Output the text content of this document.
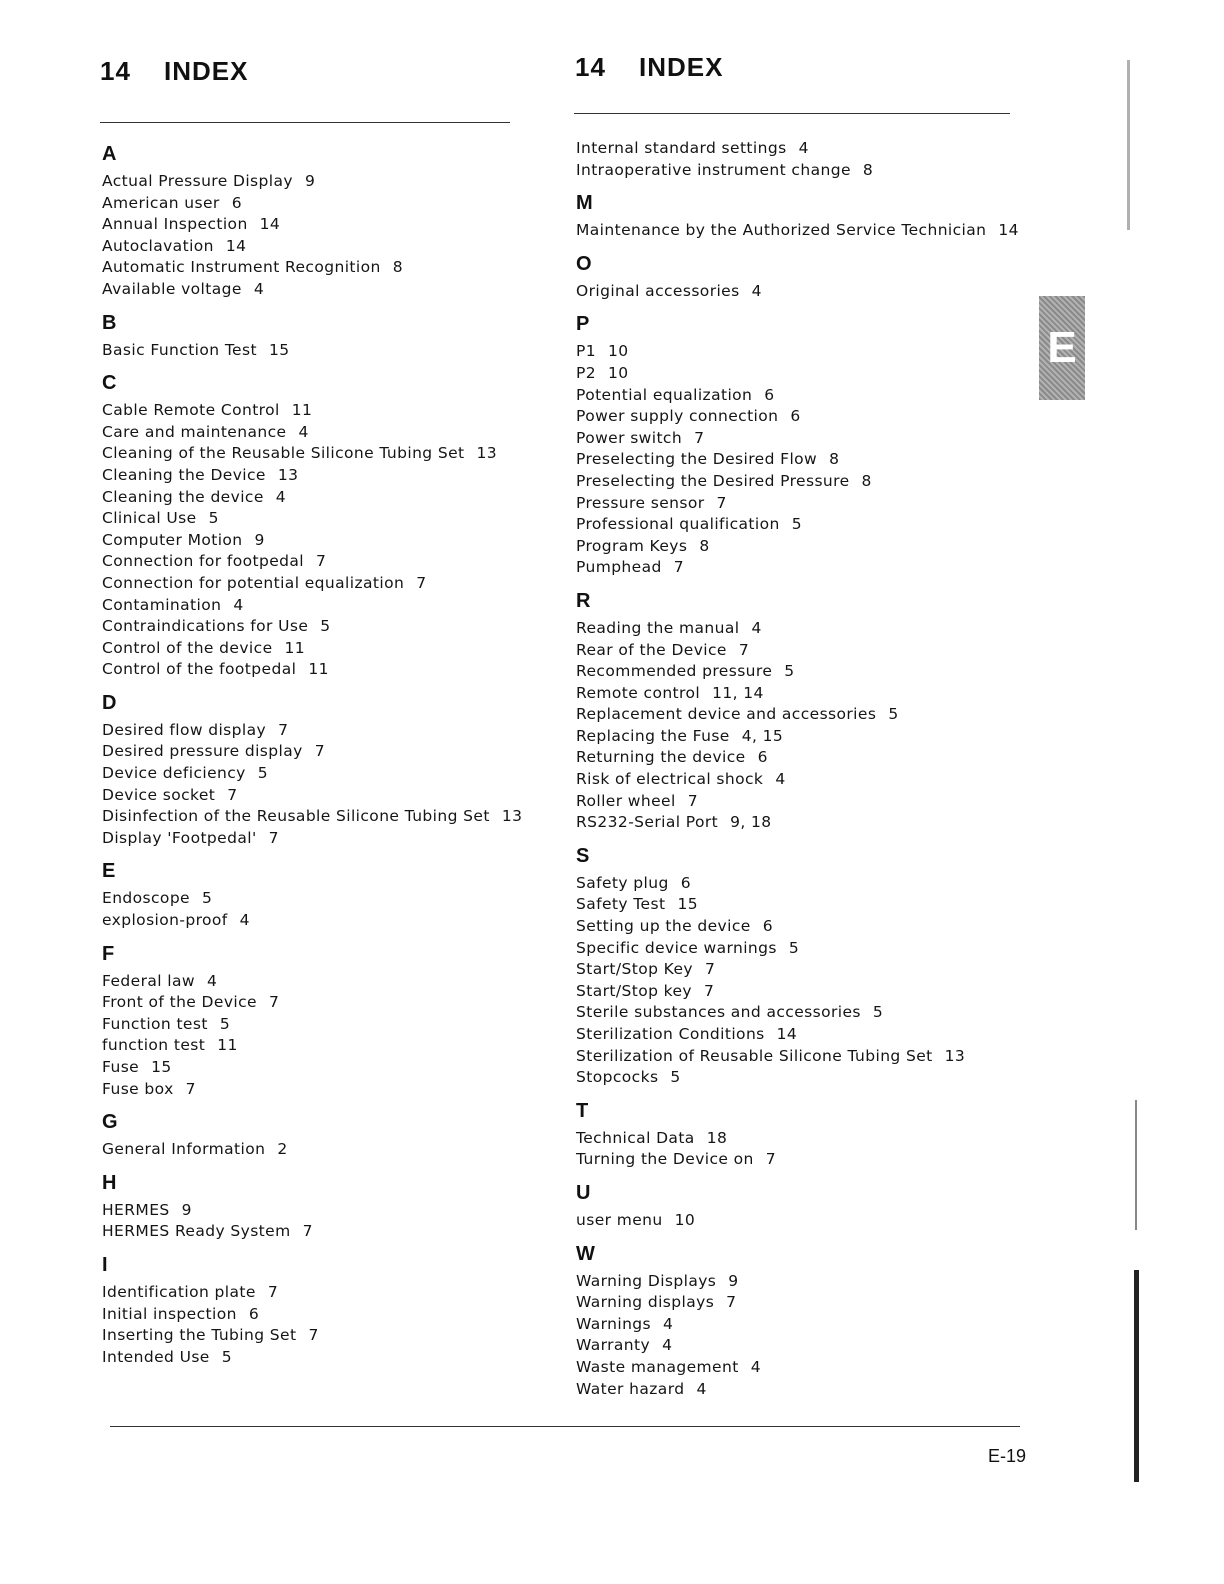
14 INDEX	14 INDEX
A
Actual Pressure Display 9
American user 6
Annual Inspection 14
Autoclavation 14
Automatic Instrument Recognition 8
Available voltage 4
B
Basic Function Test 15
C
Cable Remote Control 11
Care and maintenance 4
Cleaning of the Reusable Silicone Tubing Set 13
Cleaning the Device 13
Cleaning the device 4
Clinical Use 5
Computer Motion 9
Connection for footpedal 7
Connection for potential equalization 7
Contamination 4
Contraindications for Use 5
Control of the device 11
Control of the footpedal 11
D
Desired flow display 7
Desired pressure display 7
Device deficiency 5
Device socket 7
Disinfection of the Reusable Silicone Tubing Set 13
Display 'Footpedal' 7
E
Endoscope 5
explosion-proof 4
F
Federal law 4
Front of the Device 7
Function test 5
function test 11
Fuse 15
Fuse box 7
G
General Information 2
H
HERMES 9
HERMES Ready System 7
I
Identification plate 7
Initial inspection 6
Inserting the Tubing Set 7
Intended Use 5
Internal standard settings 4
Intraoperative instrument change 8
M
Maintenance by the Authorized Service Technician 14
O
Original accessories 4
P
P1 10
P2 10
Potential equalization 6
Power supply connection 6
Power switch 7
Preselecting the Desired Flow 8
Preselecting the Desired Pressure 8
Pressure sensor 7
Professional qualification 5
Program Keys 8
Pumphead 7
R
Reading the manual 4
Rear of the Device 7
Recommended pressure 5
Remote control 11, 14
Replacement device and accessories 5
Replacing the Fuse 4, 15
Returning the device 6
Risk of electrical shock 4
Roller wheel 7
RS232-Serial Port 9, 18
S
Safety plug 6
Safety Test 15
Setting up the device 6
Specific device warnings 5
Start/Stop Key 7
Start/Stop key 7
Sterile substances and accessories 5
Sterilization Conditions 14
Sterilization of Reusable Silicone Tubing Set 13
Stopcocks 5
T
Technical Data 18
Turning the Device on 7
U
user menu 10
W
Warning Displays 9
Warning displays 7
Warnings 4
Warranty 4
Waste management 4
Water hazard 4
E
E-19
